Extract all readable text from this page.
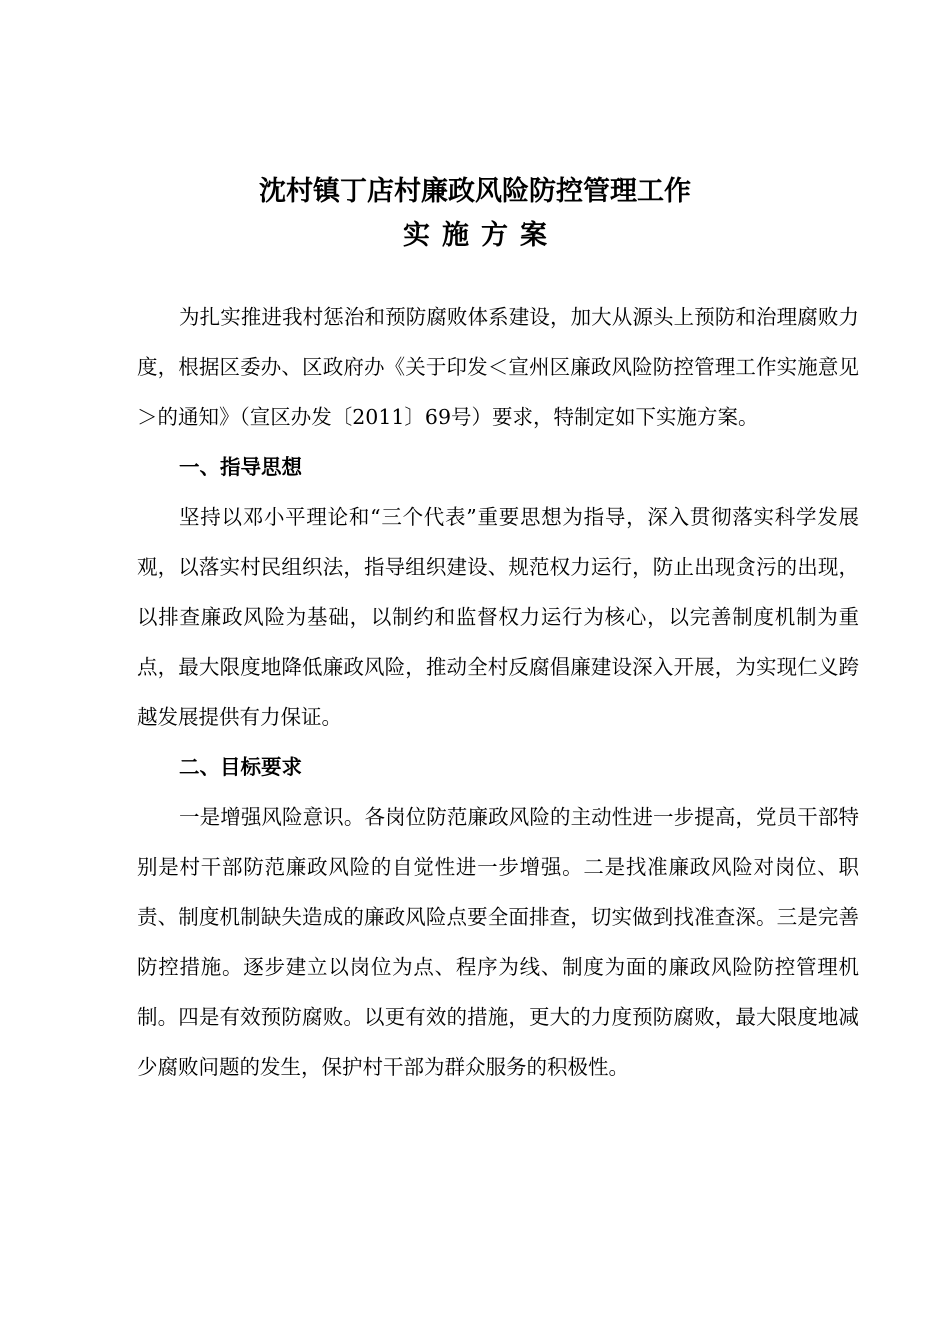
沈村镇丁店村廉政风险防控管理工作
实施方案

为扎实推进我村惩治和预防腐败体系建设，加大从源头上预防和治理腐败力度，根据区委办、区政府办《关于印发＜宣州区廉政风险防控管理工作实施意见＞的通知》（宣区办发〔2011〕69号）要求，特制定如下实施方案。

一、指导思想

坚持以邓小平理论和“三个代表”重要思想为指导，深入贯彻落实科学发展观，以落实村民组织法，指导组织建设、规范权力运行，防止出现贪污的出现，以排查廉政风险为基础，以制约和监督权力运行为核心，以完善制度机制为重点，最大限度地降低廉政风险，推动全村反腐倡廉建设深入开展，为实现仁义跨越发展提供有力保证。

二、目标要求

一是增强风险意识。各岗位防范廉政风险的主动性进一步提高，党员干部特别是村干部防范廉政风险的自觉性进一步增强。二是找准廉政风险对岗位、职责、制度机制缺失造成的廉政风险点要全面排查，切实做到找准查深。三是完善防控措施。逐步建立以岗位为点、程序为线、制度为面的廉政风险防控管理机制。四是有效预防腐败。以更有效的措施，更大的力度预防腐败，最大限度地减少腐败问题的发生，保护村干部为群众服务的积极性。
